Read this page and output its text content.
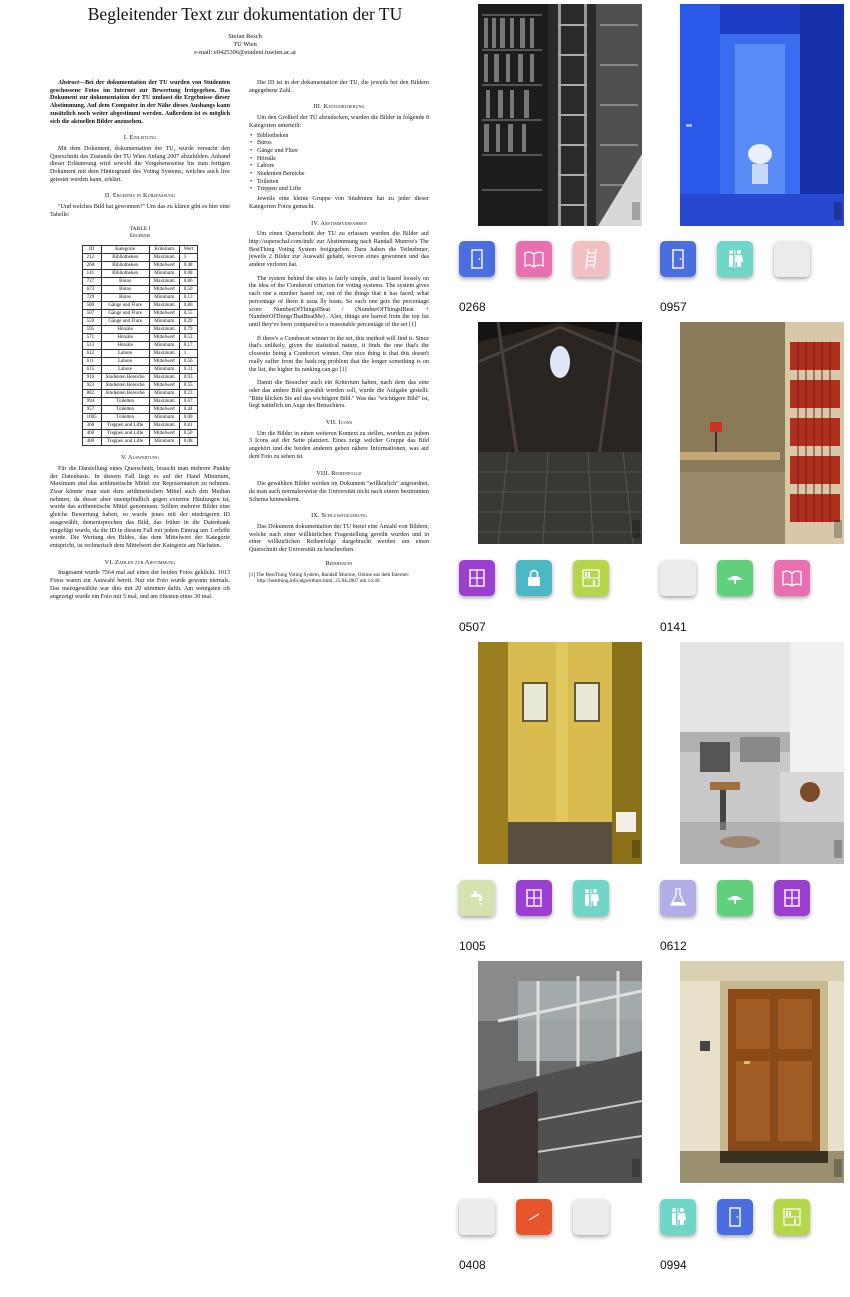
Begleitender Text zur dokumentation der TU
Stefan Resch
TU Wien
e-mail: e0425306@student.tuwien.ac.at

Abstract—Bei der dokumentation der TU wurden von Studenten geschossene Fotos im Internet zur Bewertung freigegeben. Das Dokument zur dokumentation der TU umfasst die Ergebnisse dieser Abstimmung. Auf dem Computer in der Nähe dieses Aushangs kann zusätzlich noch weiter abgestimmt werden. Außerdem ist es möglich sich die aktuellen Bilder anzusehen.

I. Einleitung

Mit dem Dokument, dokumentation der TU, wurde versucht den Querschnitt des Zustands der TU Wien Anfang 2007 abzubilden. Anhand dieser Erläuterung wird sowohl die Vorgehensweise bis zum fertigen Dokument mit dem Hintergrund des Voting Systems, welches auch live getestet werden kann, erklärt.

II. Ergebnis in Kurzfassung

"Und welches Bild hat gewonnen?" Um das zu klären gibt es hier eine Tabelle:

TABLE I
Ergebnis
ID	Kategorie	Kriterium	Wert
212	Bibliotheken	Maximum	1
268	Bibliotheken	Mittelwert	0.48
141	Bibliotheken	Minimum	0.08
727	Büros	Maximum	0.86
673	Büros	Mittelwert	0.50
729	Büros	Minimum	0.13
580	Gänge und Flure	Maximum	0.80
507	Gänge und Flure	Mittelwert	0.55
559	Gänge und Flure	Minimum	0.29
595	Hörsäle	Maximum	0.79
571	Hörsäle	Mittelwert	0.53
513	Hörsäle	Minimum	0.17
612	Labore	Maximum	1
611	Labore	Mittelwert	0.56
615	Labore	Minimum	0.31
916	Studenten Bereiche	Maximum	0.93
923	Studenten Bereiche	Mittelwert	0.55
882	Studenten Bereiche	Minimum	0.23
994	Toiletten	Maximum	0.67
957	Toiletten	Mittelwert	0.44
1005	Toiletten	Minimum	0.00
368	Treppen und Lifte	Maximum	0.81
408	Treppen und Lifte	Mittelwert	0.50
400	Treppen und Lifte	Minimum	0.08
V. Auswertung

Für die Darstellung eines Querschnitt, braucht man mehrere Punkte der Datenbasis. In diesem Fall liegt es auf der Hand Minimum, Maximum und das arithmetische Mittel zur Repräsentation zu nehmen. Zwar könnte man statt dem arithmetischen Mittel auch den Median nehmen, da dieser aber unempfindlich gegen extreme Häufungen ist, wurde das arithmetische Mittel genommen. Sollten mehrere Bilder eine gleiche Bewertung haben, so wurde jenes mit der niedrigeren ID ausgewählt, dementsprechen das Bild, das früher in die Datenbank eingefügt wurde, da die ID in diesem Fall mit jedem Eintrag um 1 erhöht wurde. Die Wertung des Bildes, das dem Mittelwert der Kategorie entspricht, ist rechnerisch dem Mittelwert der Kategorie am Nächsten.

VI. Zahlen zur Abstimmung

Insgesamt wurde 7564 mal auf eines der beiden Fotos geklickt. 1013 Fotos waren zur Auswahl bereit. Nur ein Foto wurde gewann niemals. Das meistgewählte war dies mit 20 stimmen dafür. Am wenigsten oft angezeigt wurde ein Foto mit 5 mal, und am öftesten eines 30 mal.

Die ID ist in der dokumentation der TU, die jeweils bei den Bildern angegebene Zahl.

III. Kategorisierung

Um den Großteil der TU abzudecken, wurden die Bilder in folgende 8 Kategorien unterteilt:

• Bibliotheken
• Büros
• Gänge und Flure
• Hörsäle
• Labore
• Studenten Bereiche
• Toiletten
• Treppen und Lifte

Jeweils eine kleine Gruppe von Studenten hat zu jeder dieser Kategorien Fotos gemacht.

IV. Abstimmverfahren

Um einen Querschnitt der TU zu erfassen wurden die Bilder auf http://superschaf.com/tndi/ zur Abstimmung nach Randall Munroe's The BestThing Voting System freigegeben. Daru haben die Teilnehmer, jeweils 2 Bilder zur Auswahl gehabt, wovon eines gewonnen und das andere verloren hat.

The system behind the sites is fairly simple, and is based loosely on the idea of the Condorcet criterion for voting systems. The system gives each one a number based on, out of the things that it has faced, what percentage of them it usua lly beats. So each one gets the percentage score NumberOfThingsIBeat / (NumberOfThingsIBeat + NumberOfThingsThatBeatMe) . Also, things are barred from the top list until they've been compared to a reasonable percentage of the set [1]

If there's a Condorcet winner in the set, this method will find it. Since that's unlikely, given the statistical nature, it finds the one that's the closestto being a Condorcet winner. One nice thing is that this doesn't really suffer from the bash.org problem that the longer something is on the list, the higher its ranking can go [1]

Damit die Besucher auch ein Kriterium haben, nach dem das eine oder das andere Bild gewählt werden soll, wurde die Aufgabe gestellt: "Bitte klicken Sie auf das wichtigere Bild." Was das "wichtigere Bild" ist, liegt natürlich im Auge des Betrachters.

VII. Icons

Um die Bilder in einen weiteren Kontext zu stellen, wurden zu jedem 3 Icons auf der Seite platziert. Eines zeigt welcher Gruppe das Bild angehört und die beiden anderen geben nähere Informationen, was auf dem Foto zu sehen ist.

VIII. Reihenfolge

Die gewählten Bilder werden im Dokument "willkürlich" angeordnet, da man auch normalerweise die Universität nicht nach einem bestimmten Schema kennenlernt.

IX. Schlussfolgerung

Das Dokument dokumentation der TU bietet eine Anzahl von Bildern, welche nach einer willkürlichen Fragestellung gereiht wurden und in einer willkürlichen Reihenfolge dargebracht werden um einen Querschnitt der Universität zu beschreiben.

References

[1] The BestThing Voting System, Randall Munroe, Online aus dem Internet: http://bestthing.info/algorithms.html, 25.04.2007 um 14:40.

0268	0957
0507	0141
1005	0612
0408	0994
